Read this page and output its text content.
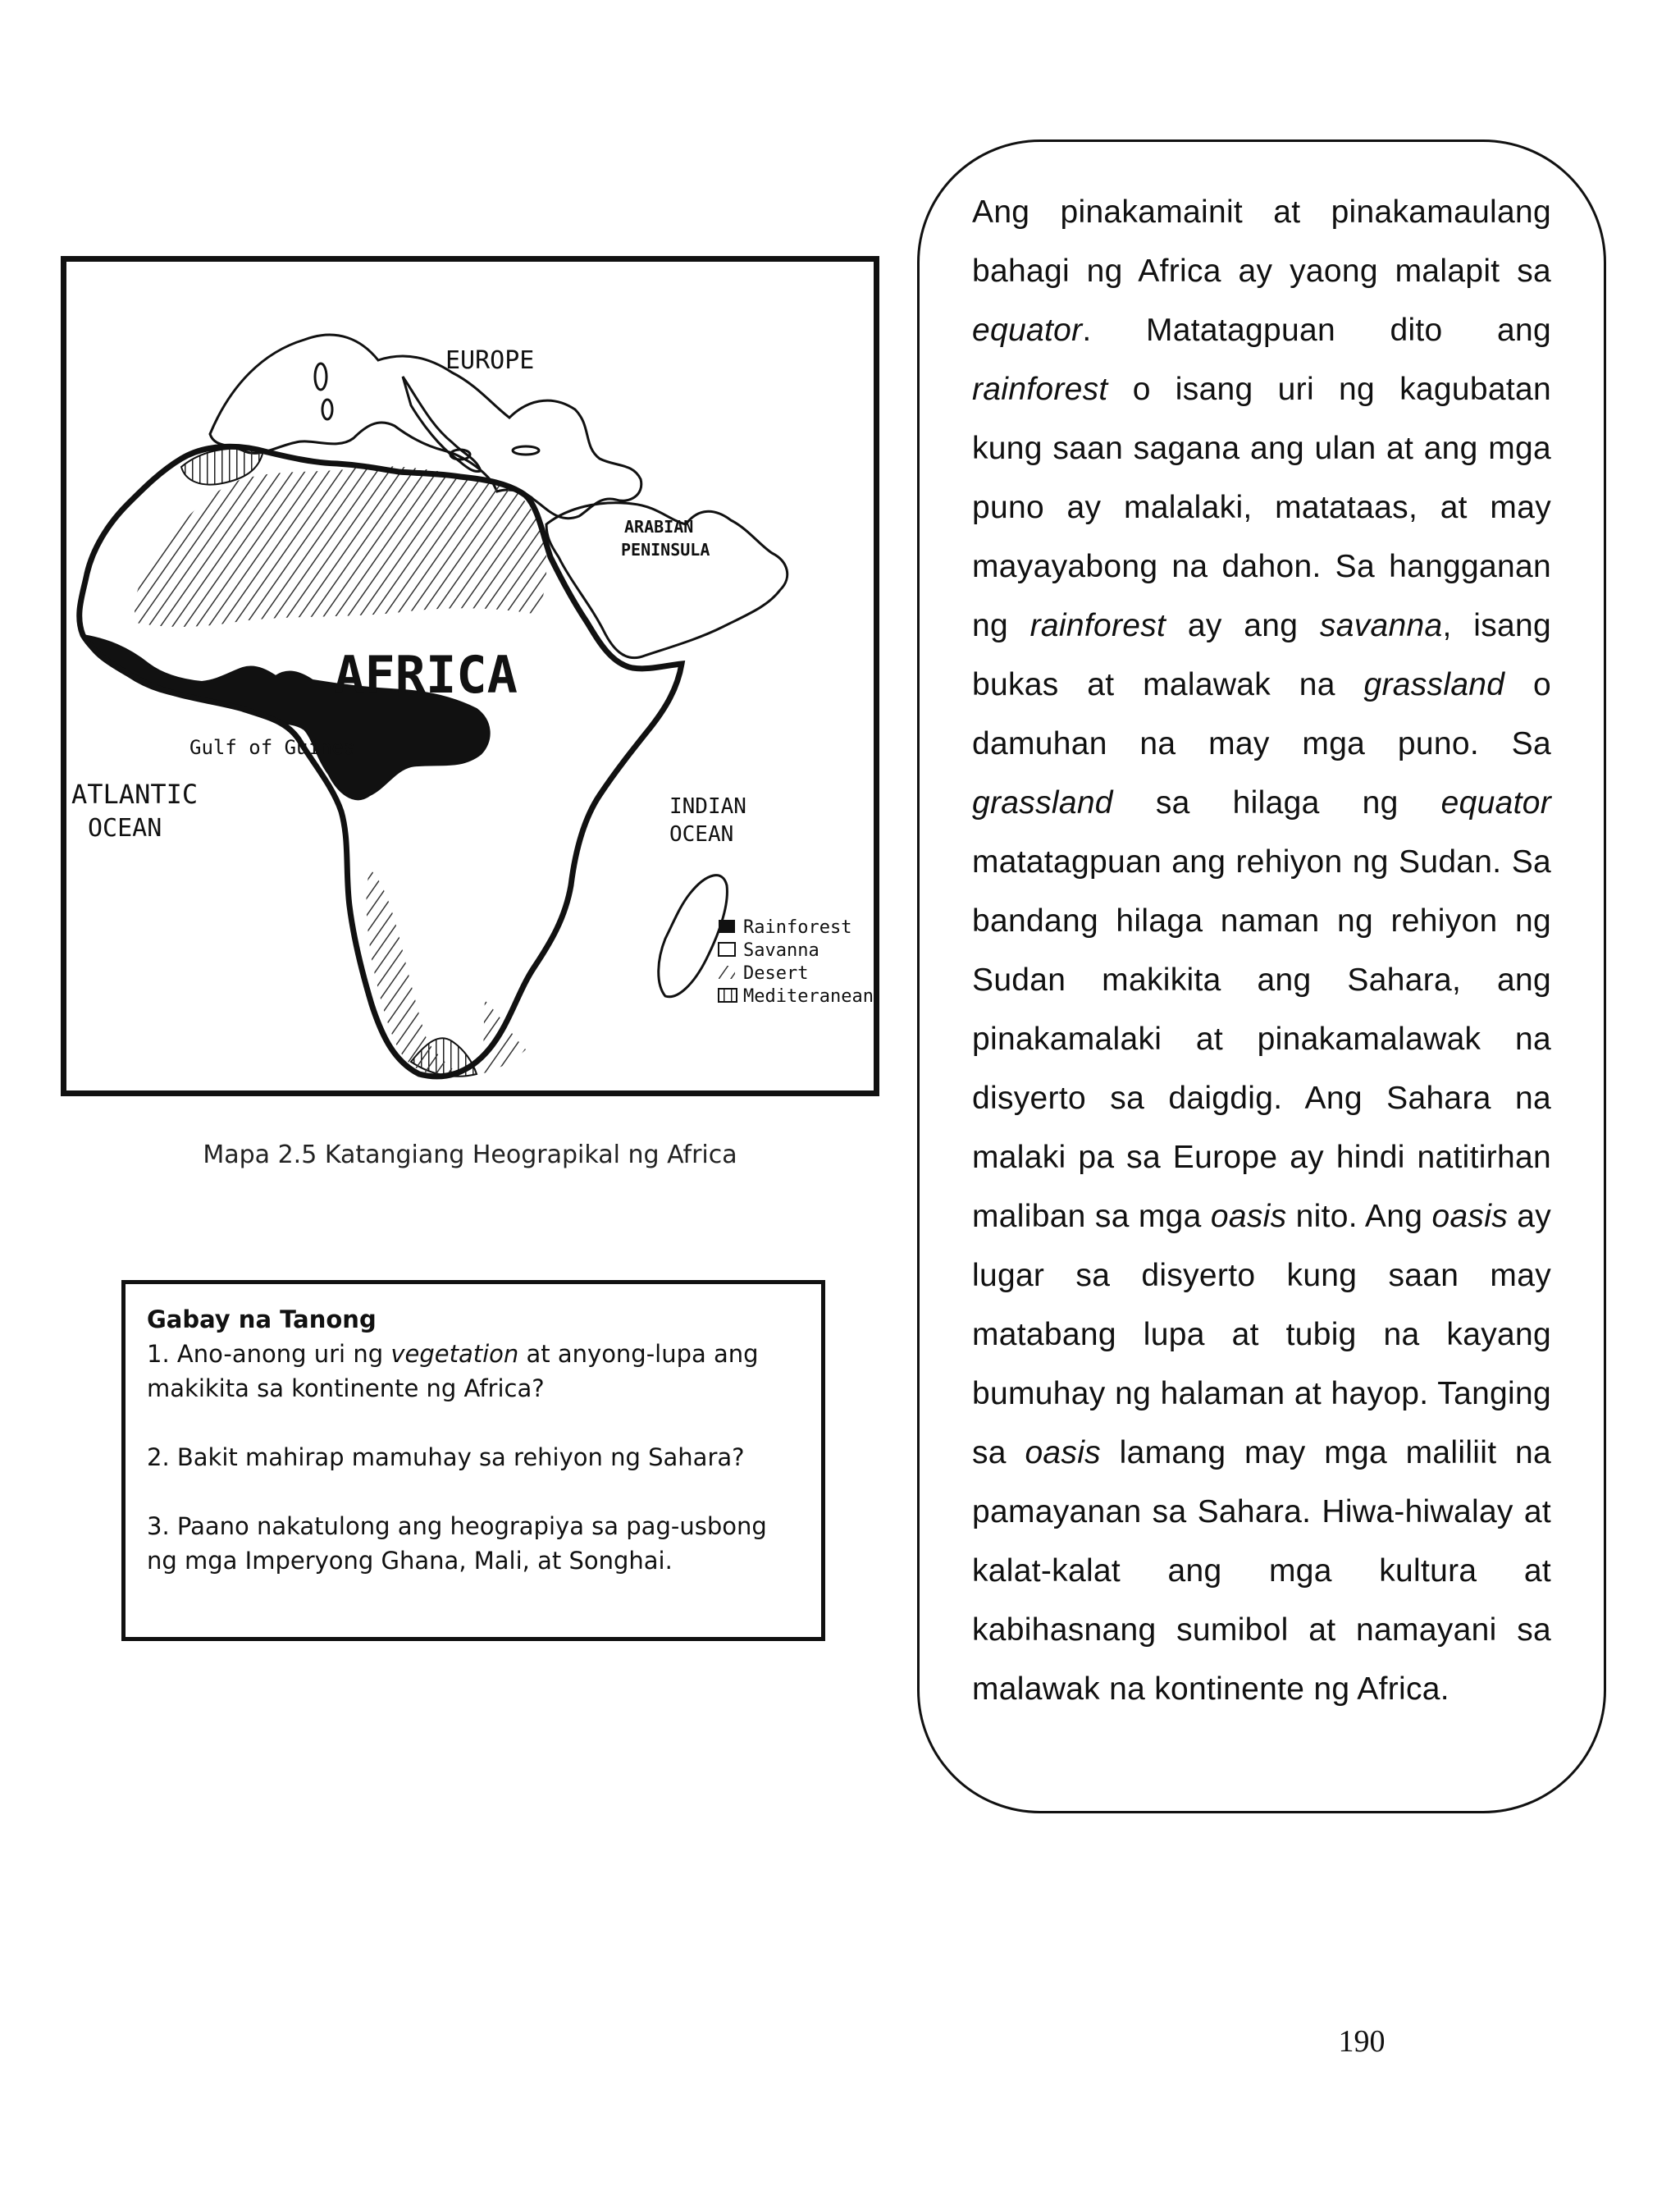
EUROPE
ARABIAN
PENINSULA
AFRICA
Gulf of Guinea
ATLANTIC
OCEAN
INDIAN
OCEAN
Rainforest
Savanna
Desert
Mediteranean
Mapa 2.5 Katangiang Heograpikal ng Africa
Gabay na Tanong

1. Ano-anong uri ng vegetation at anyong-lupa ang makikita sa kontinente ng Africa?

2. Bakit mahirap mamuhay sa rehiyon ng Sahara?

3. Paano nakatulong ang heograpiya sa pag-usbong ng mga Imperyong Ghana, Mali, at Songhai.

Ang pinakamainit at pinakamaulang bahagi ng Africa ay yaong malapit sa equator. Matatagpuan dito ang rainforest o isang uri ng kagubatan kung saan sagana ang ulan at ang mga puno ay malalaki, matataas, at may mayayabong na dahon. Sa hangganan ng rainforest ay ang savanna, isang bukas at malawak na grassland o damuhan na may mga puno. Sa grassland sa hilaga ng equator matatagpuan ang rehiyon ng Sudan. Sa bandang hilaga naman ng rehiyon ng Sudan makikita ang Sahara, ang pinakamalaki at pinakamalawak na disyerto sa daigdig. Ang Sahara na malaki pa sa Europe ay hindi natitirhan maliban sa mga oasis nito. Ang oasis ay lugar sa disyerto kung saan may matabang lupa at tubig na kayang bumuhay ng halaman at hayop. Tanging sa oasis lamang may mga maliliit na pamayanan sa Sahara. Hiwa-hiwalay at kalat-kalat ang mga kultura at kabihasnang sumibol at namayani sa malawak na kontinente ng Africa.

190
